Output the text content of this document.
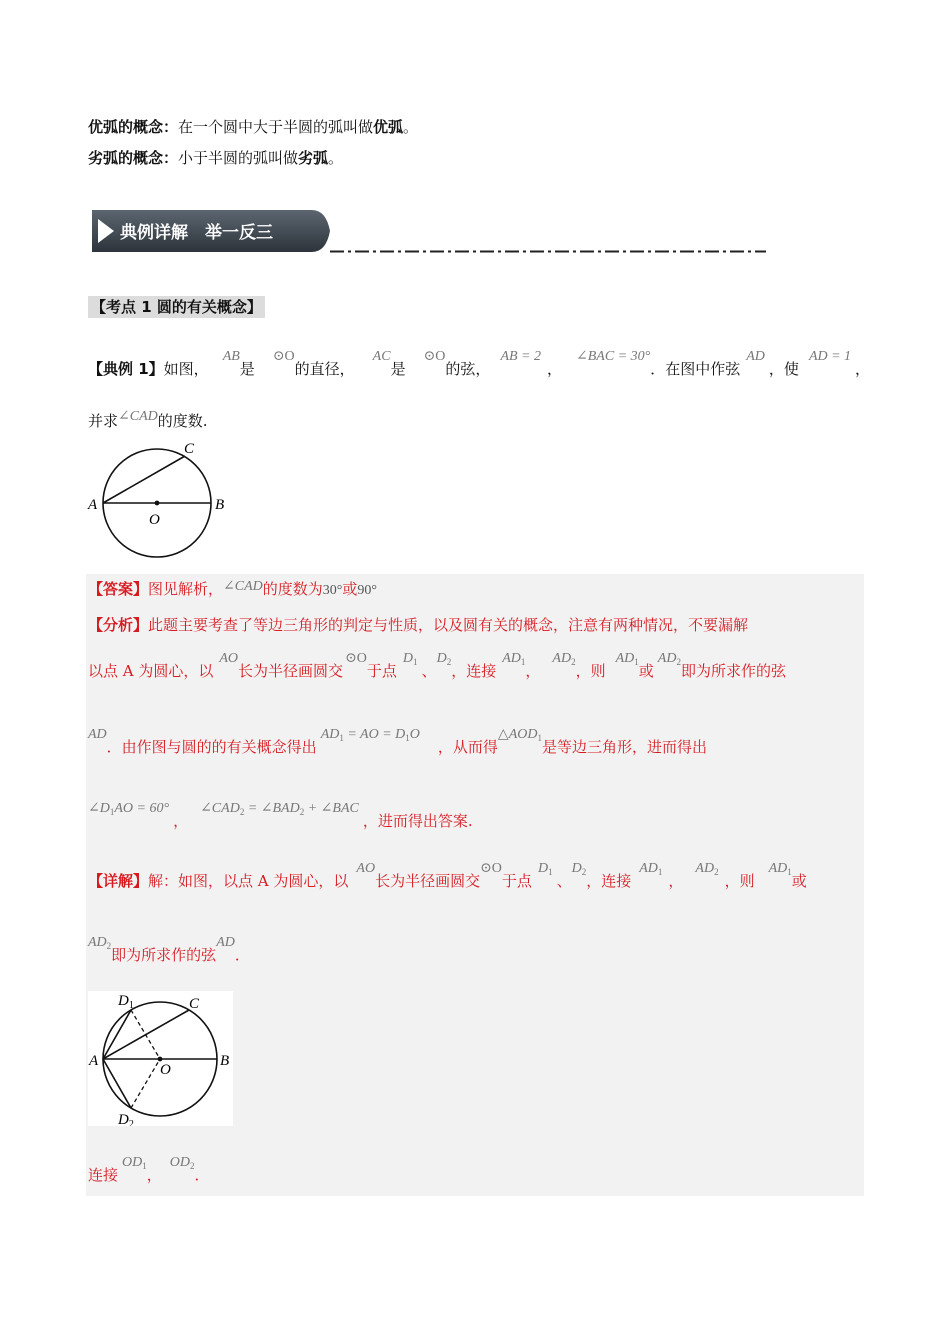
优弧的概念：在一个圆中大于半圆的弧叫做优弧。
劣弧的概念：小于半圆的弧叫做劣弧。
典例详解　举一反三
【考点 1 圆的有关概念】
【典例 1】如图，AB是⊙O的直径，AC是⊙O的弦，AB = 2，∠BAC = 30°．在图中作弦AD，使AD = 1，
并求∠CAD的度数.
A	B
C
O
【答案】图见解析，∠CAD的度数为30°或90°
【分析】此题主要考查了等边三角形的判定与性质，以及圆有关的概念，注意有两种情况，不要漏解
以点 A 为圆心，以AO长为半径画圆交⊙O于点$D_1$ 、$D_2$，连接$AD_1$，$AD_2$，则$AD_1$或$AD_2$即为所求作的弦
AD．由作图与圆的的有关概念得出$AD_1$ = AO = $D_1O$，从而得$\triangle AOD_1$是等边三角形，进而得出
$\angle D_1AO = 60^\circ$，$\angle CAD_2$ = $\angle BAD_2$ + ∠BAC，进而得出答案.
【详解】解：如图，以点 A 为圆心，以AO长为半径画圆交⊙O于点$D_1$ 、$D_2$，连接$AD_1$ ，$AD_2$ ，则$AD_1$或
$AD_2$即为所求作的弦AD．
A	B
C
O
$D_1$
$D_2$
连接$OD_1$，$OD_2$．
